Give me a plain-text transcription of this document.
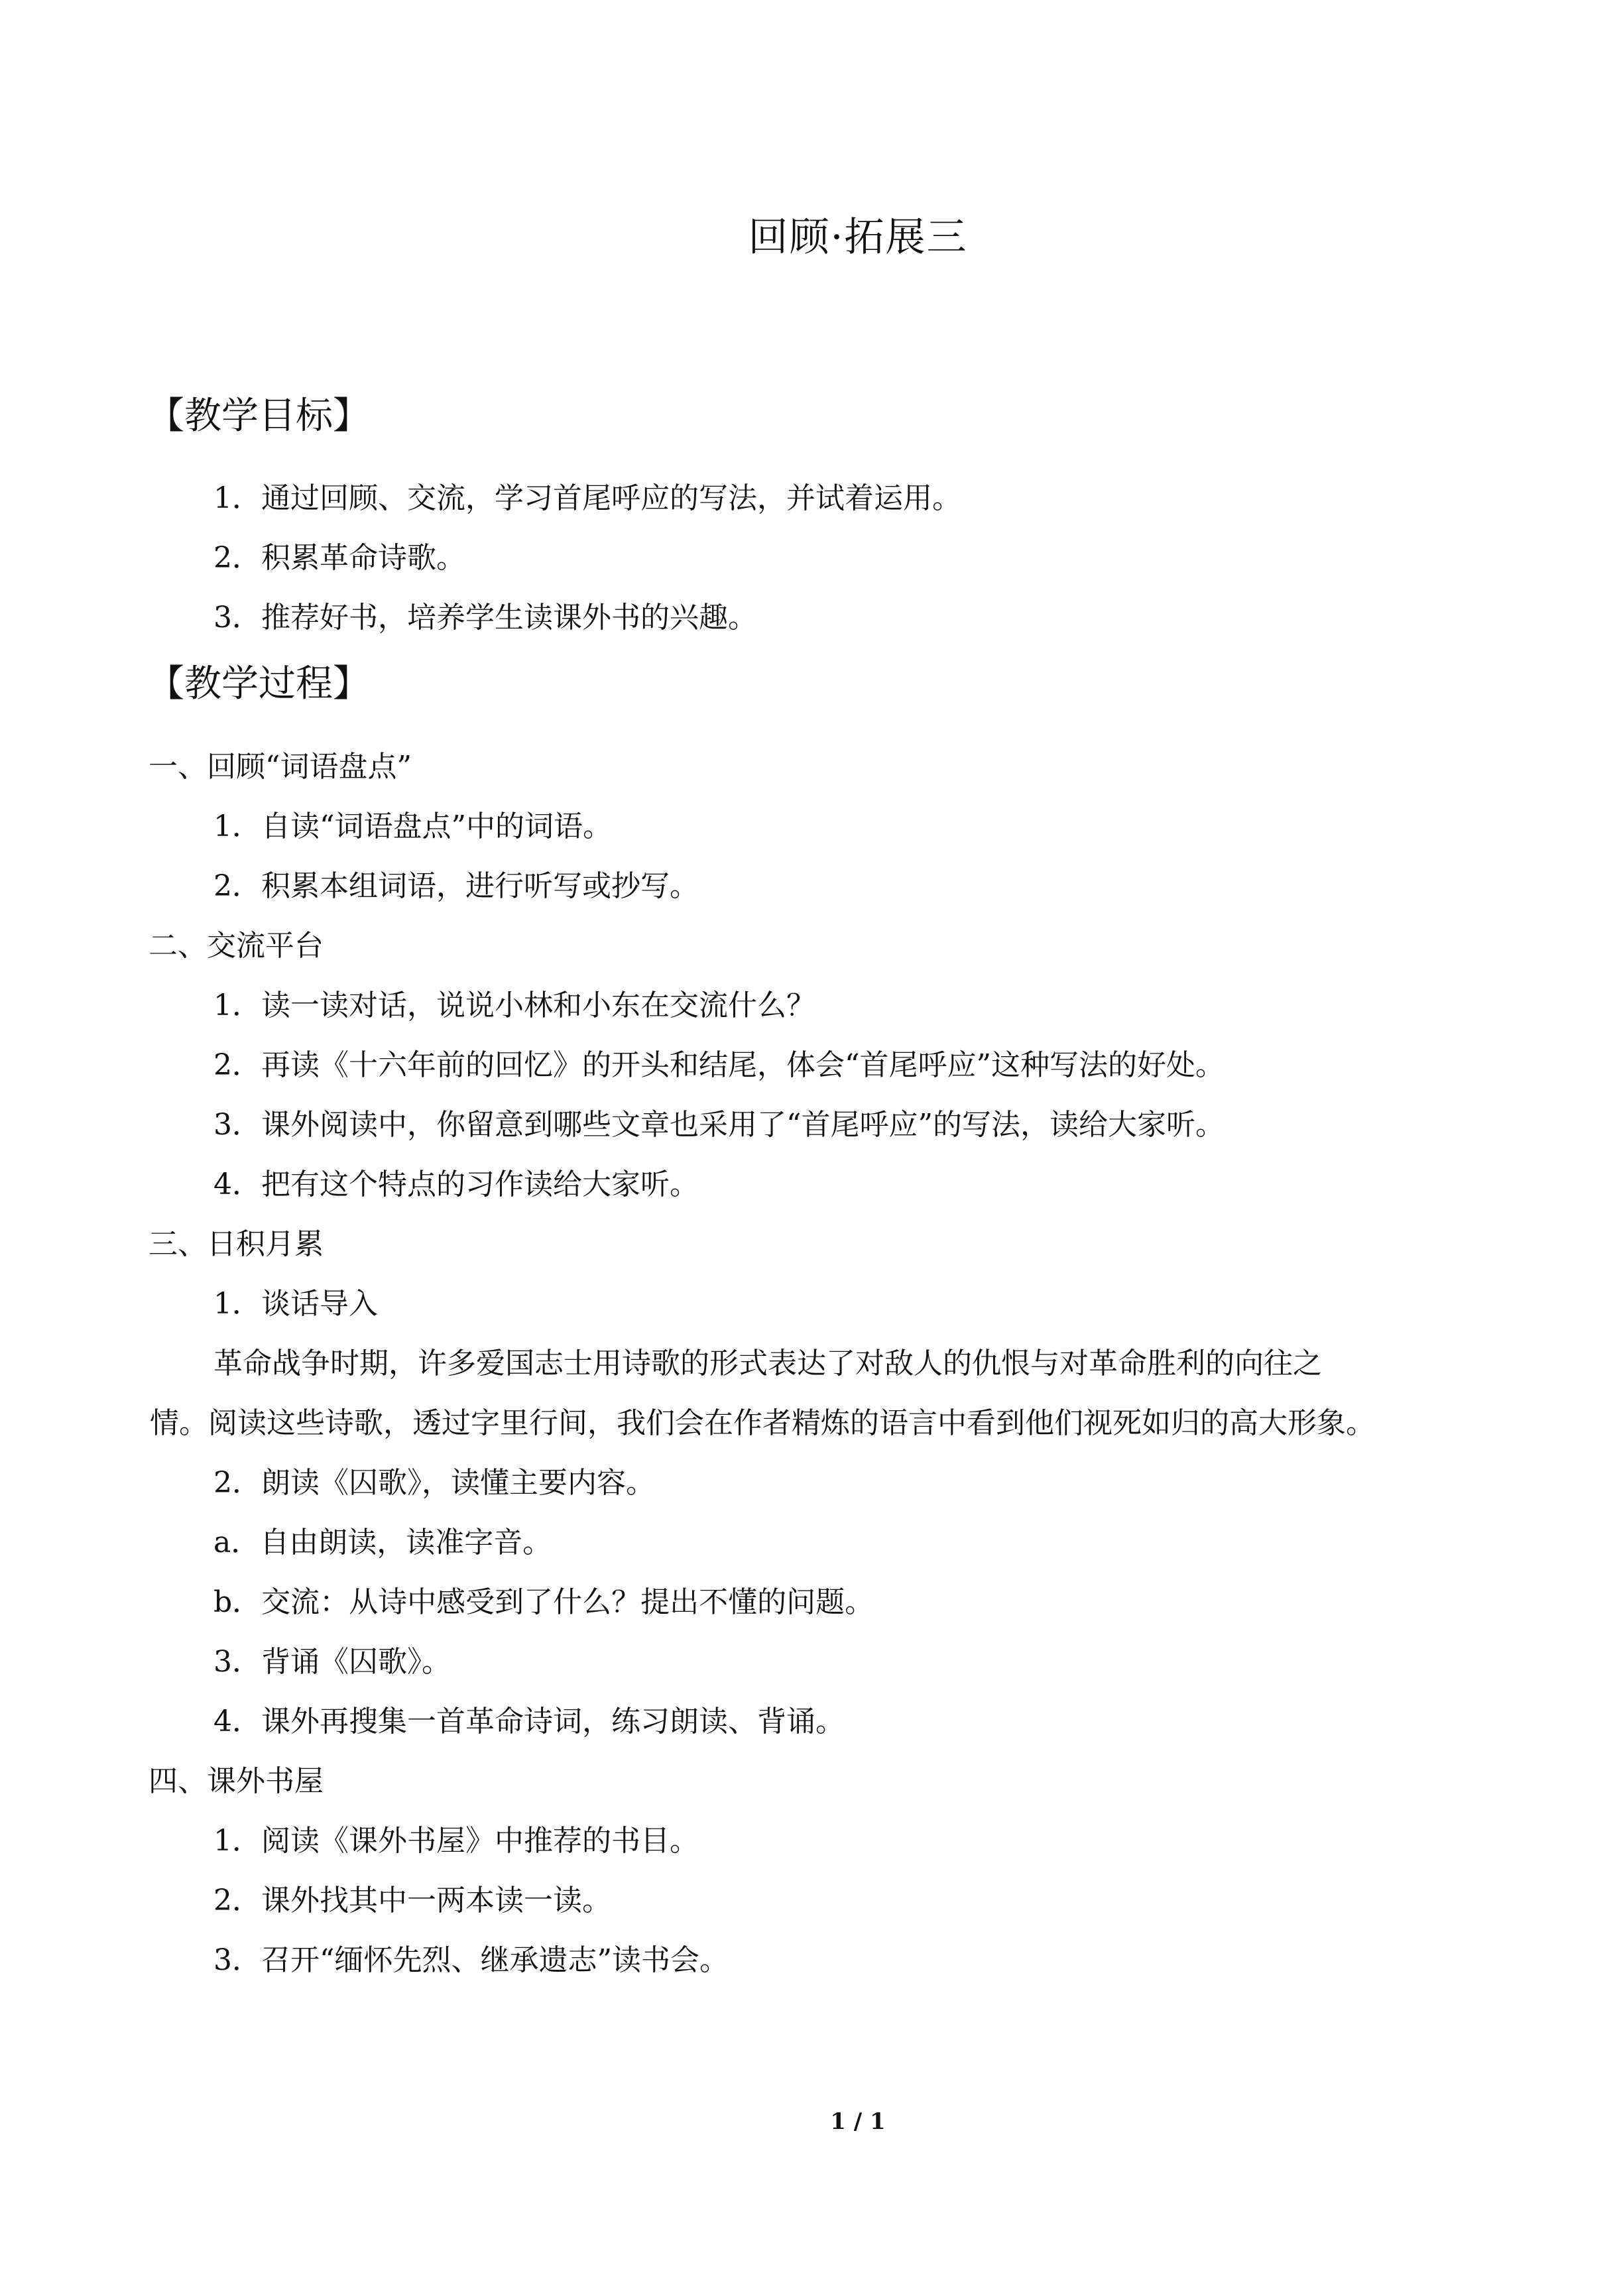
回顾·拓展三
【教学目标】
1．通过回顾、交流，学习首尾呼应的写法，并试着运用。
2．积累革命诗歌。
3．推荐好书，培养学生读课外书的兴趣。
【教学过程】
一、回顾“词语盘点”
1．自读“词语盘点”中的词语。
2．积累本组词语，进行听写或抄写。
二、交流平台
1．读一读对话，说说小林和小东在交流什么？
2．再读《十六年前的回忆》的开头和结尾，体会“首尾呼应”这种写法的好处。
3．课外阅读中，你留意到哪些文章也采用了“首尾呼应”的写法，读给大家听。
4．把有这个特点的习作读给大家听。
三、日积月累
1．谈话导入
革命战争时期，许多爱国志士用诗歌的形式表达了对敌人的仇恨与对革命胜利的向往之
情。阅读这些诗歌，透过字里行间，我们会在作者精炼的语言中看到他们视死如归的高大形象。
2．朗读《囚歌》，读懂主要内容。
a．自由朗读，读准字音。
b．交流：从诗中感受到了什么？提出不懂的问题。
3．背诵《囚歌》。
4．课外再搜集一首革命诗词，练习朗读、背诵。
四、课外书屋
1．阅读《课外书屋》中推荐的书目。
2．课外找其中一两本读一读。
3．召开“缅怀先烈、继承遗志”读书会。
1 / 1
